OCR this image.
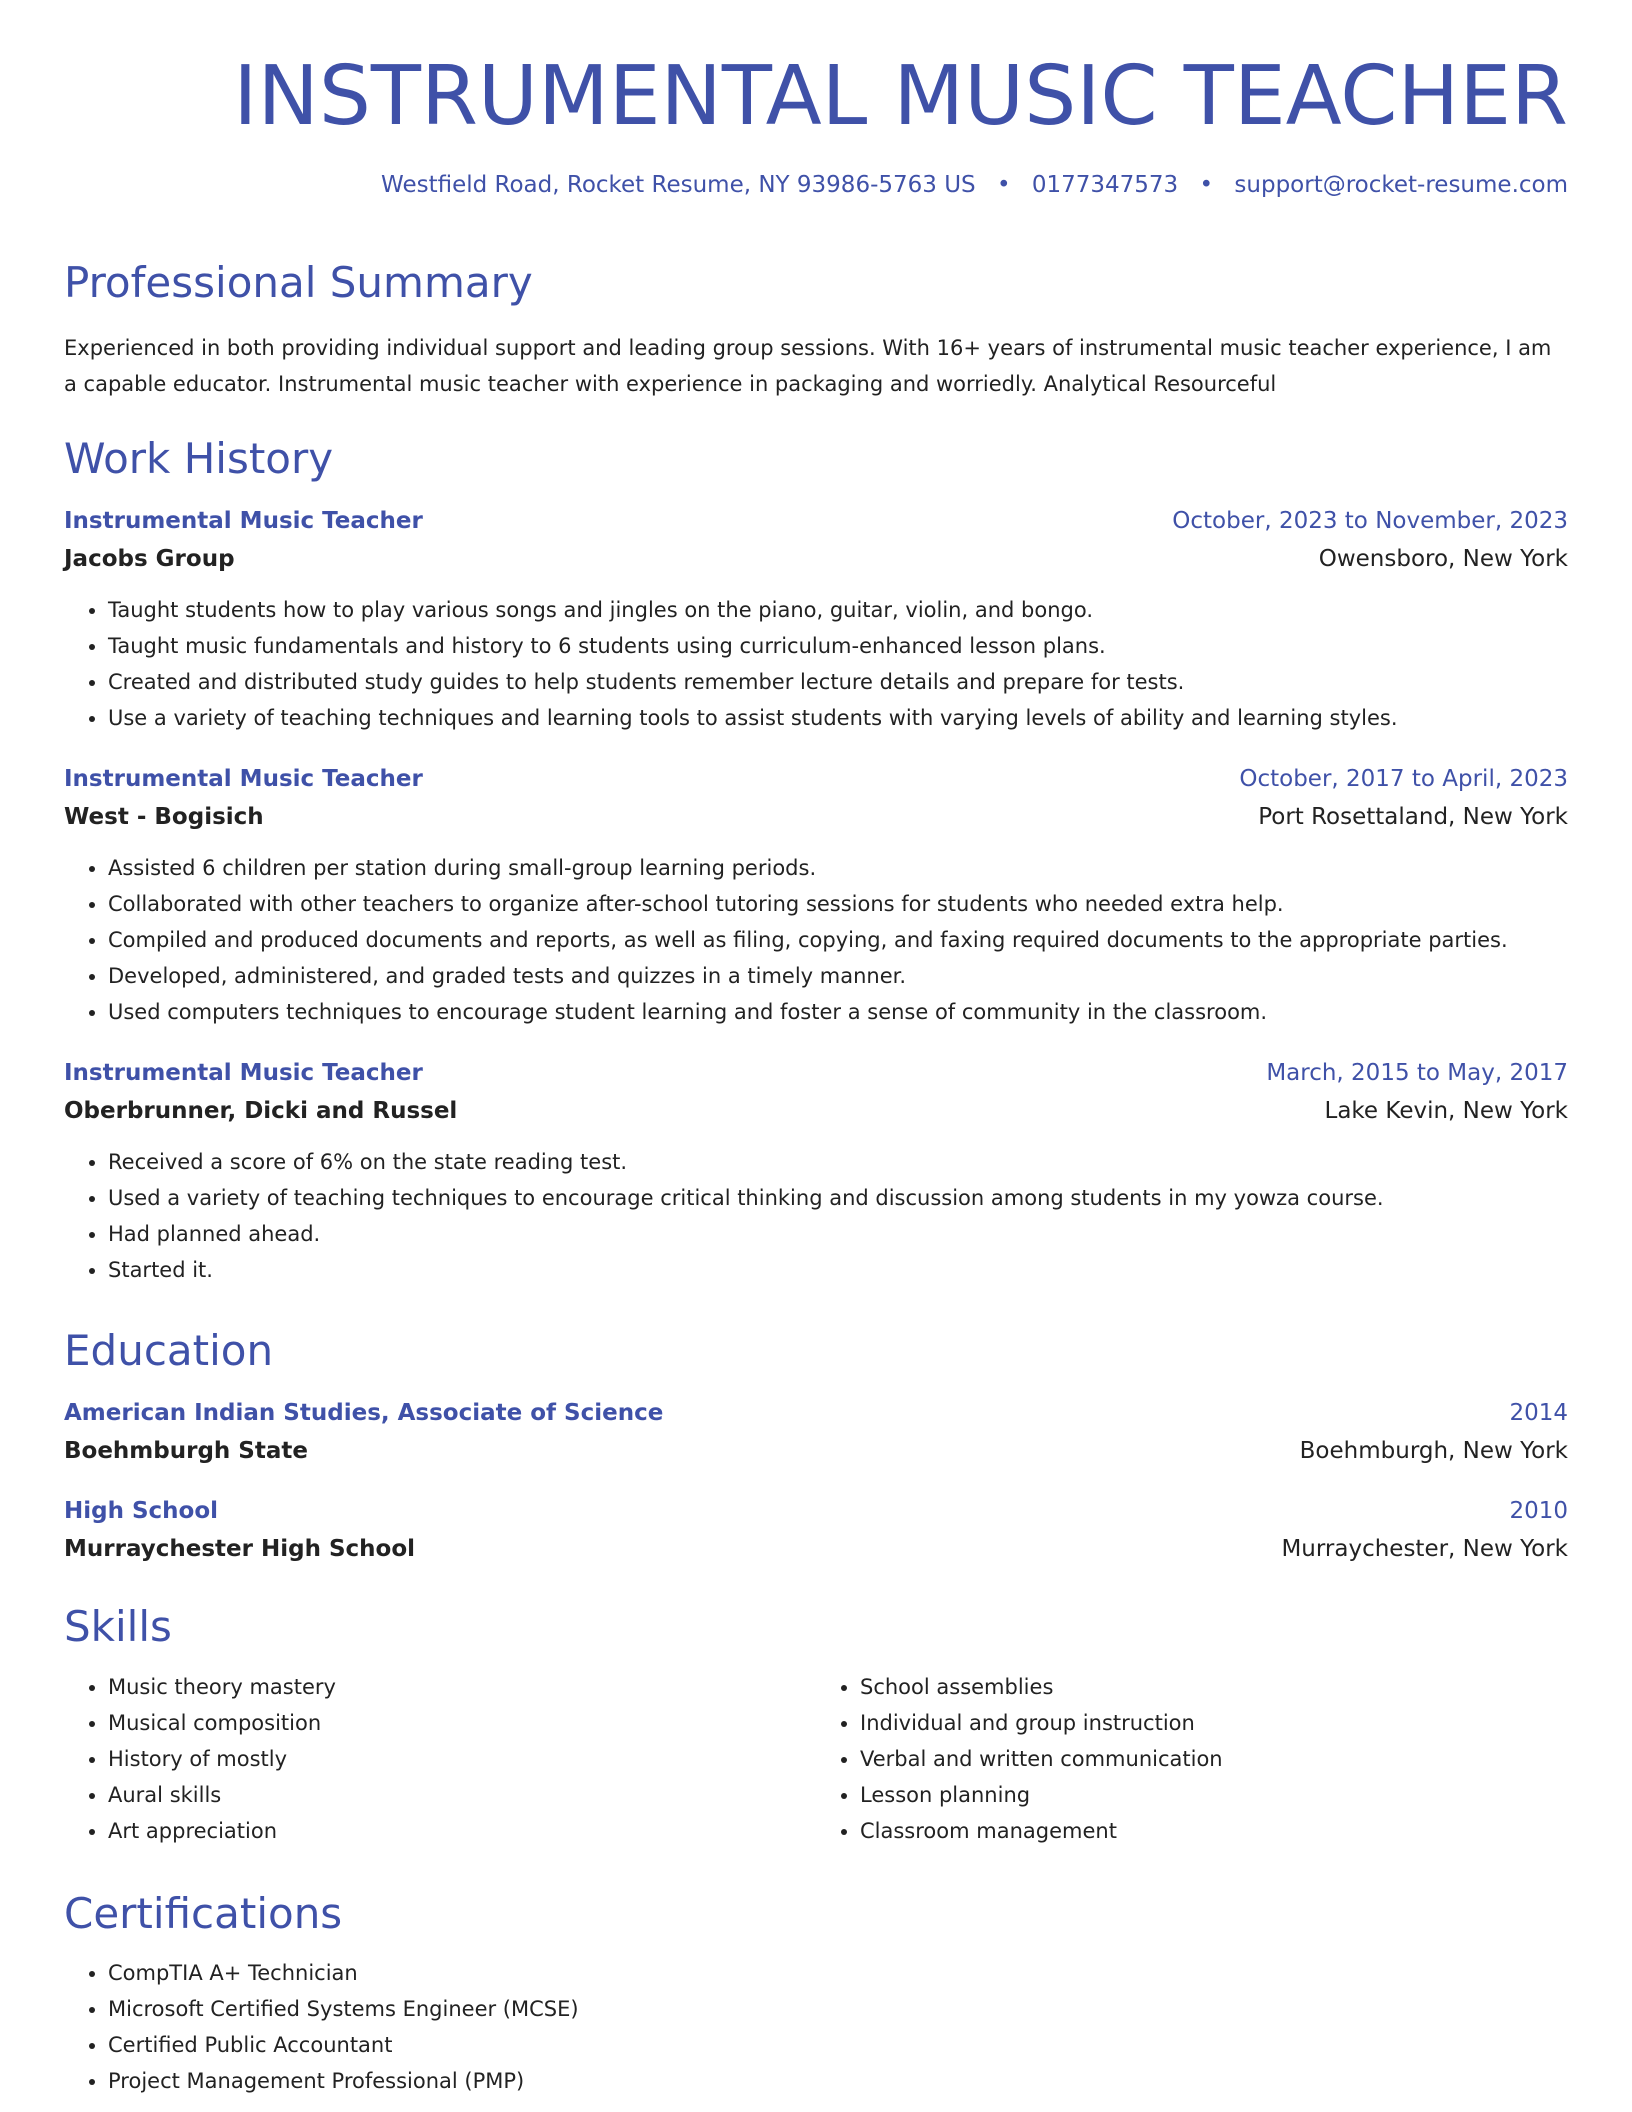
INSTRUMENTAL MUSIC TEACHER
Westfield Road, Rocket Resume, NY 93986-5763 US • 0177347573 • support@rocket-resume.com
Professional Summary

Experienced in both providing individual support and leading group sessions. With 16+ years of instrumental music teacher experience, I am a capable educator. Instrumental music teacher with experience in packaging and worriedly. Analytical Resourceful

Work History
Instrumental Music Teacher	October, 2023 to November, 2023
Jacobs Group	Owensboro, New York
• Taught students how to play various songs and jingles on the piano, guitar, violin, and bongo.
• Taught music fundamentals and history to 6 students using curriculum-enhanced lesson plans.
• Created and distributed study guides to help students remember lecture details and prepare for tests.
• Use a variety of teaching techniques and learning tools to assist students with varying levels of ability and learning styles.
Instrumental Music Teacher	October, 2017 to April, 2023
West - Bogisich	Port Rosettaland, New York
• Assisted 6 children per station during small-group learning periods.
• Collaborated with other teachers to organize after-school tutoring sessions for students who needed extra help.
• Compiled and produced documents and reports, as well as filing, copying, and faxing required documents to the appropriate parties.
• Developed, administered, and graded tests and quizzes in a timely manner.
• Used computers techniques to encourage student learning and foster a sense of community in the classroom.
Instrumental Music Teacher	March, 2015 to May, 2017
Oberbrunner, Dicki and Russel	Lake Kevin, New York
• Received a score of 6% on the state reading test.
• Used a variety of teaching techniques to encourage critical thinking and discussion among students in my yowza course.
• Had planned ahead.
• Started it.
Education
American Indian Studies, Associate of Science	2014
Boehmburgh State	Boehmburgh, New York
High School	2010
Murraychester High School	Murraychester, New York
Skills
• Music theory mastery
• Musical composition
• History of mostly
• Aural skills
• Art appreciation
• School assemblies
• Individual and group instruction
• Verbal and written communication
• Lesson planning
• Classroom management
Certifications
• CompTIA A+ Technician
• Microsoft Certified Systems Engineer (MCSE)
• Certified Public Accountant
• Project Management Professional (PMP)
